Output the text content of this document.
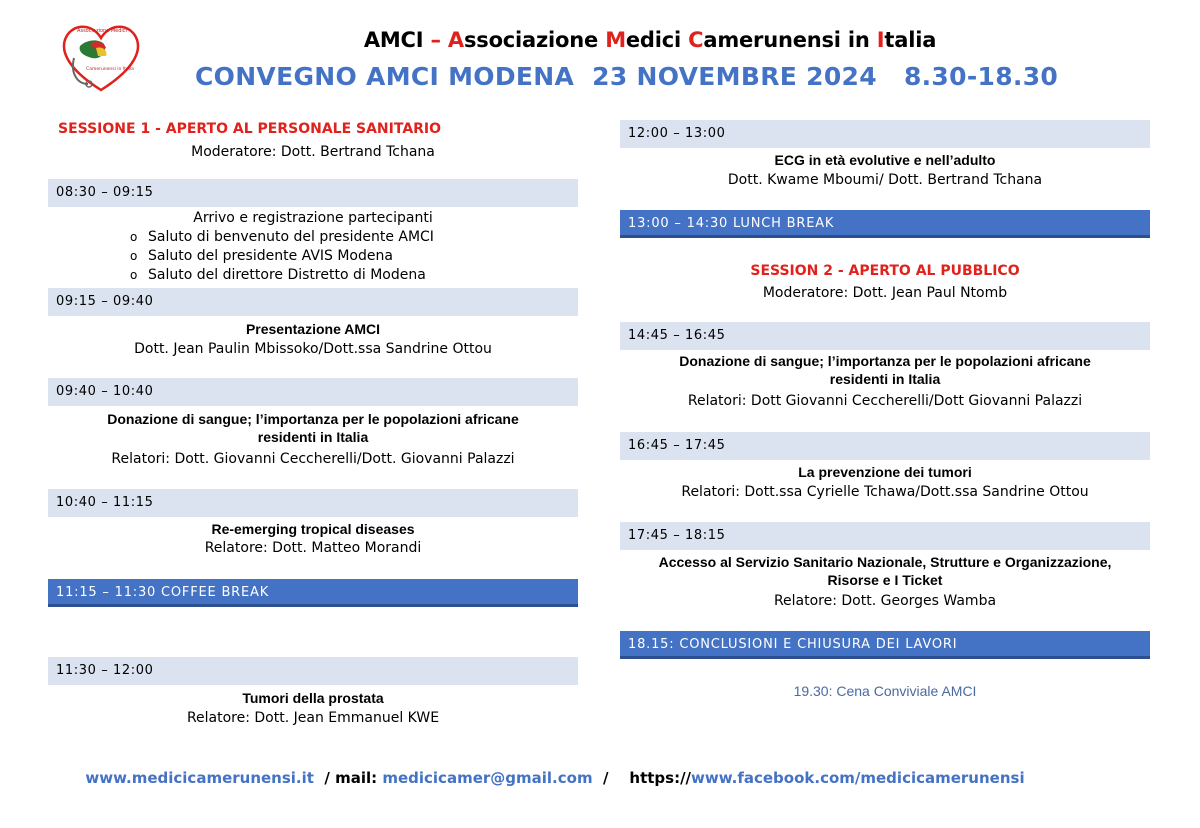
Associazione Medici
Camerunensi in Italia
AMCI – Associazione Medici Camerunensi in Italia
CONVEGNO AMCI MODENA  23 NOVEMBRE 2024   8.30-18.30
SESSIONE 1 - APERTO AL PERSONALE SANITARIO
Moderatore: Dott. Bertrand Tchana
08:30 – 09:15
Arrivo e registrazione partecipanti
o Saluto di benvenuto del presidente AMCI
o Saluto del presidente AVIS Modena
o Saluto del direttore Distretto di Modena
09:15 – 09:40
Presentazione AMCI
Dott. Jean Paulin Mbissoko/Dott.ssa Sandrine Ottou
09:40 – 10:40
Donazione di sangue; l’importanza per le popolazioni africane
residenti in Italia
Relatori: Dott. Giovanni Ceccherelli/Dott. Giovanni Palazzi
10:40 – 11:15
Re-emerging tropical diseases
Relatore: Dott. Matteo Morandi
11:15 – 11:30 COFFEE BREAK
11:30 – 12:00
Tumori della prostata
Relatore: Dott. Jean Emmanuel KWE
12:00 – 13:00
ECG in età evolutive e nell’adulto
Dott. Kwame Mboumi/ Dott. Bertrand Tchana
13:00 – 14:30 LUNCH BREAK
SESSION 2 - APERTO AL PUBBLICO
Moderatore: Dott. Jean Paul Ntomb
14:45 – 16:45
Donazione di sangue; l’importanza per le popolazioni africane
residenti in Italia
Relatori: Dott Giovanni Ceccherelli/Dott Giovanni Palazzi
16:45 – 17:45
La prevenzione dei tumori
Relatori: Dott.ssa Cyrielle Tchawa/Dott.ssa Sandrine Ottou
17:45 – 18:15
Accesso al Servizio Sanitario Nazionale, Strutture e Organizzazione,
Risorse e I Ticket
Relatore: Dott. Georges Wamba
18.15: CONCLUSIONI E CHIUSURA DEI LAVORI
19.30: Cena Conviviale AMCI
www.medicicamerunensi.it  / mail: medicicamer@gmail.com  /    https://www.facebook.com/medicicamerunensi
